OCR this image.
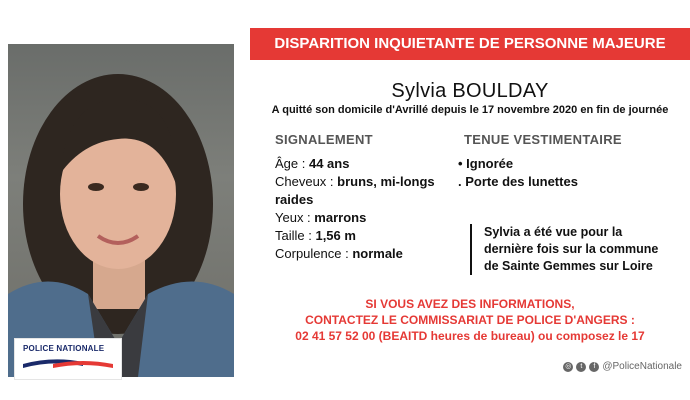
POLICE NATIONALE
DISPARITION INQUIETANTE DE PERSONNE MAJEURE
Sylvia BOULDAY
A quitté son domicile d'Avrillé depuis le 17 novembre 2020 en fin de journée
SIGNALEMENT	TENUE VESTIMENTAIRE
Âge : 44 ans
Cheveux : bruns, mi-longs
raides
Yeux : marrons
Taille : 1,56 m
Corpulence : normale
• Ignorée
. Porte des lunettes
Sylvia a été vue pour la dernière fois sur la commune de Sainte Gemmes sur Loire
SI VOUS AVEZ DES INFORMATIONS,
CONTACTEZ LE COMMISSARIAT DE POLICE D'ANGERS :
02 41 57 52 00 (BEAITD heures de bureau) ou composez le 17
◎	t	f @PoliceNationale
